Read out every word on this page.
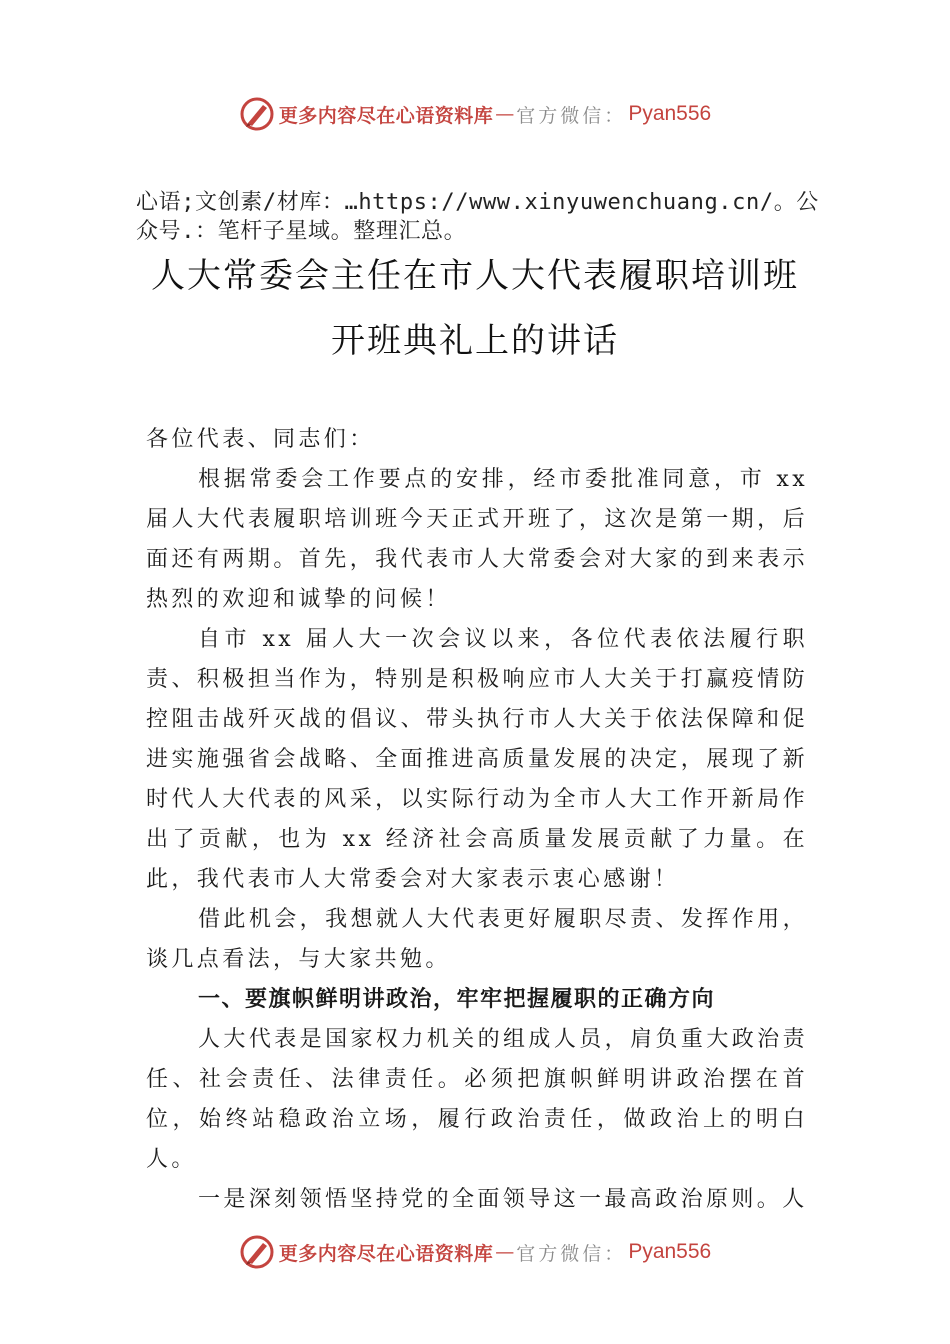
更多内容尽在心语资料库 — 官方微信： Pyan556
心语;文创素/材库：…https://www.xinyuwenchuang.cn/。公众号.：笔杆子星域。整理汇总。
人大常委会主任在市人大代表履职培训班
开班典礼上的讲话

各位代表、同志们：

根据常委会工作要点的安排，经市委批准同意，市 xx 届人大代表履职培训班今天正式开班了，这次是第一期，后面还有两期。首先，我代表市人大常委会对大家的到来表示热烈的欢迎和诚挚的问候！

自市 xx 届人大一次会议以来，各位代表依法履行职责、积极担当作为，特别是积极响应市人大关于打赢疫情防控阻击战歼灭战的倡议、带头执行市人大关于依法保障和促进实施强省会战略、全面推进高质量发展的决定，展现了新时代人大代表的风采，以实际行动为全市人大工作开新局作出了贡献，也为 xx 经济社会高质量发展贡献了力量。在此，我代表市人大常委会对大家表示衷心感谢！

借此机会，我想就人大代表更好履职尽责、发挥作用，谈几点看法，与大家共勉。

一、要旗帜鲜明讲政治，牢牢把握履职的正确方向

人大代表是国家权力机关的组成人员，肩负重大政治责任、社会责任、法律责任。必须把旗帜鲜明讲政治摆在首位，始终站稳政治立场，履行政治责任，做政治上的明白人。

一是深刻领悟坚持党的全面领导这一最高政治原则。人

更多内容尽在心语资料库 — 官方微信： Pyan556
